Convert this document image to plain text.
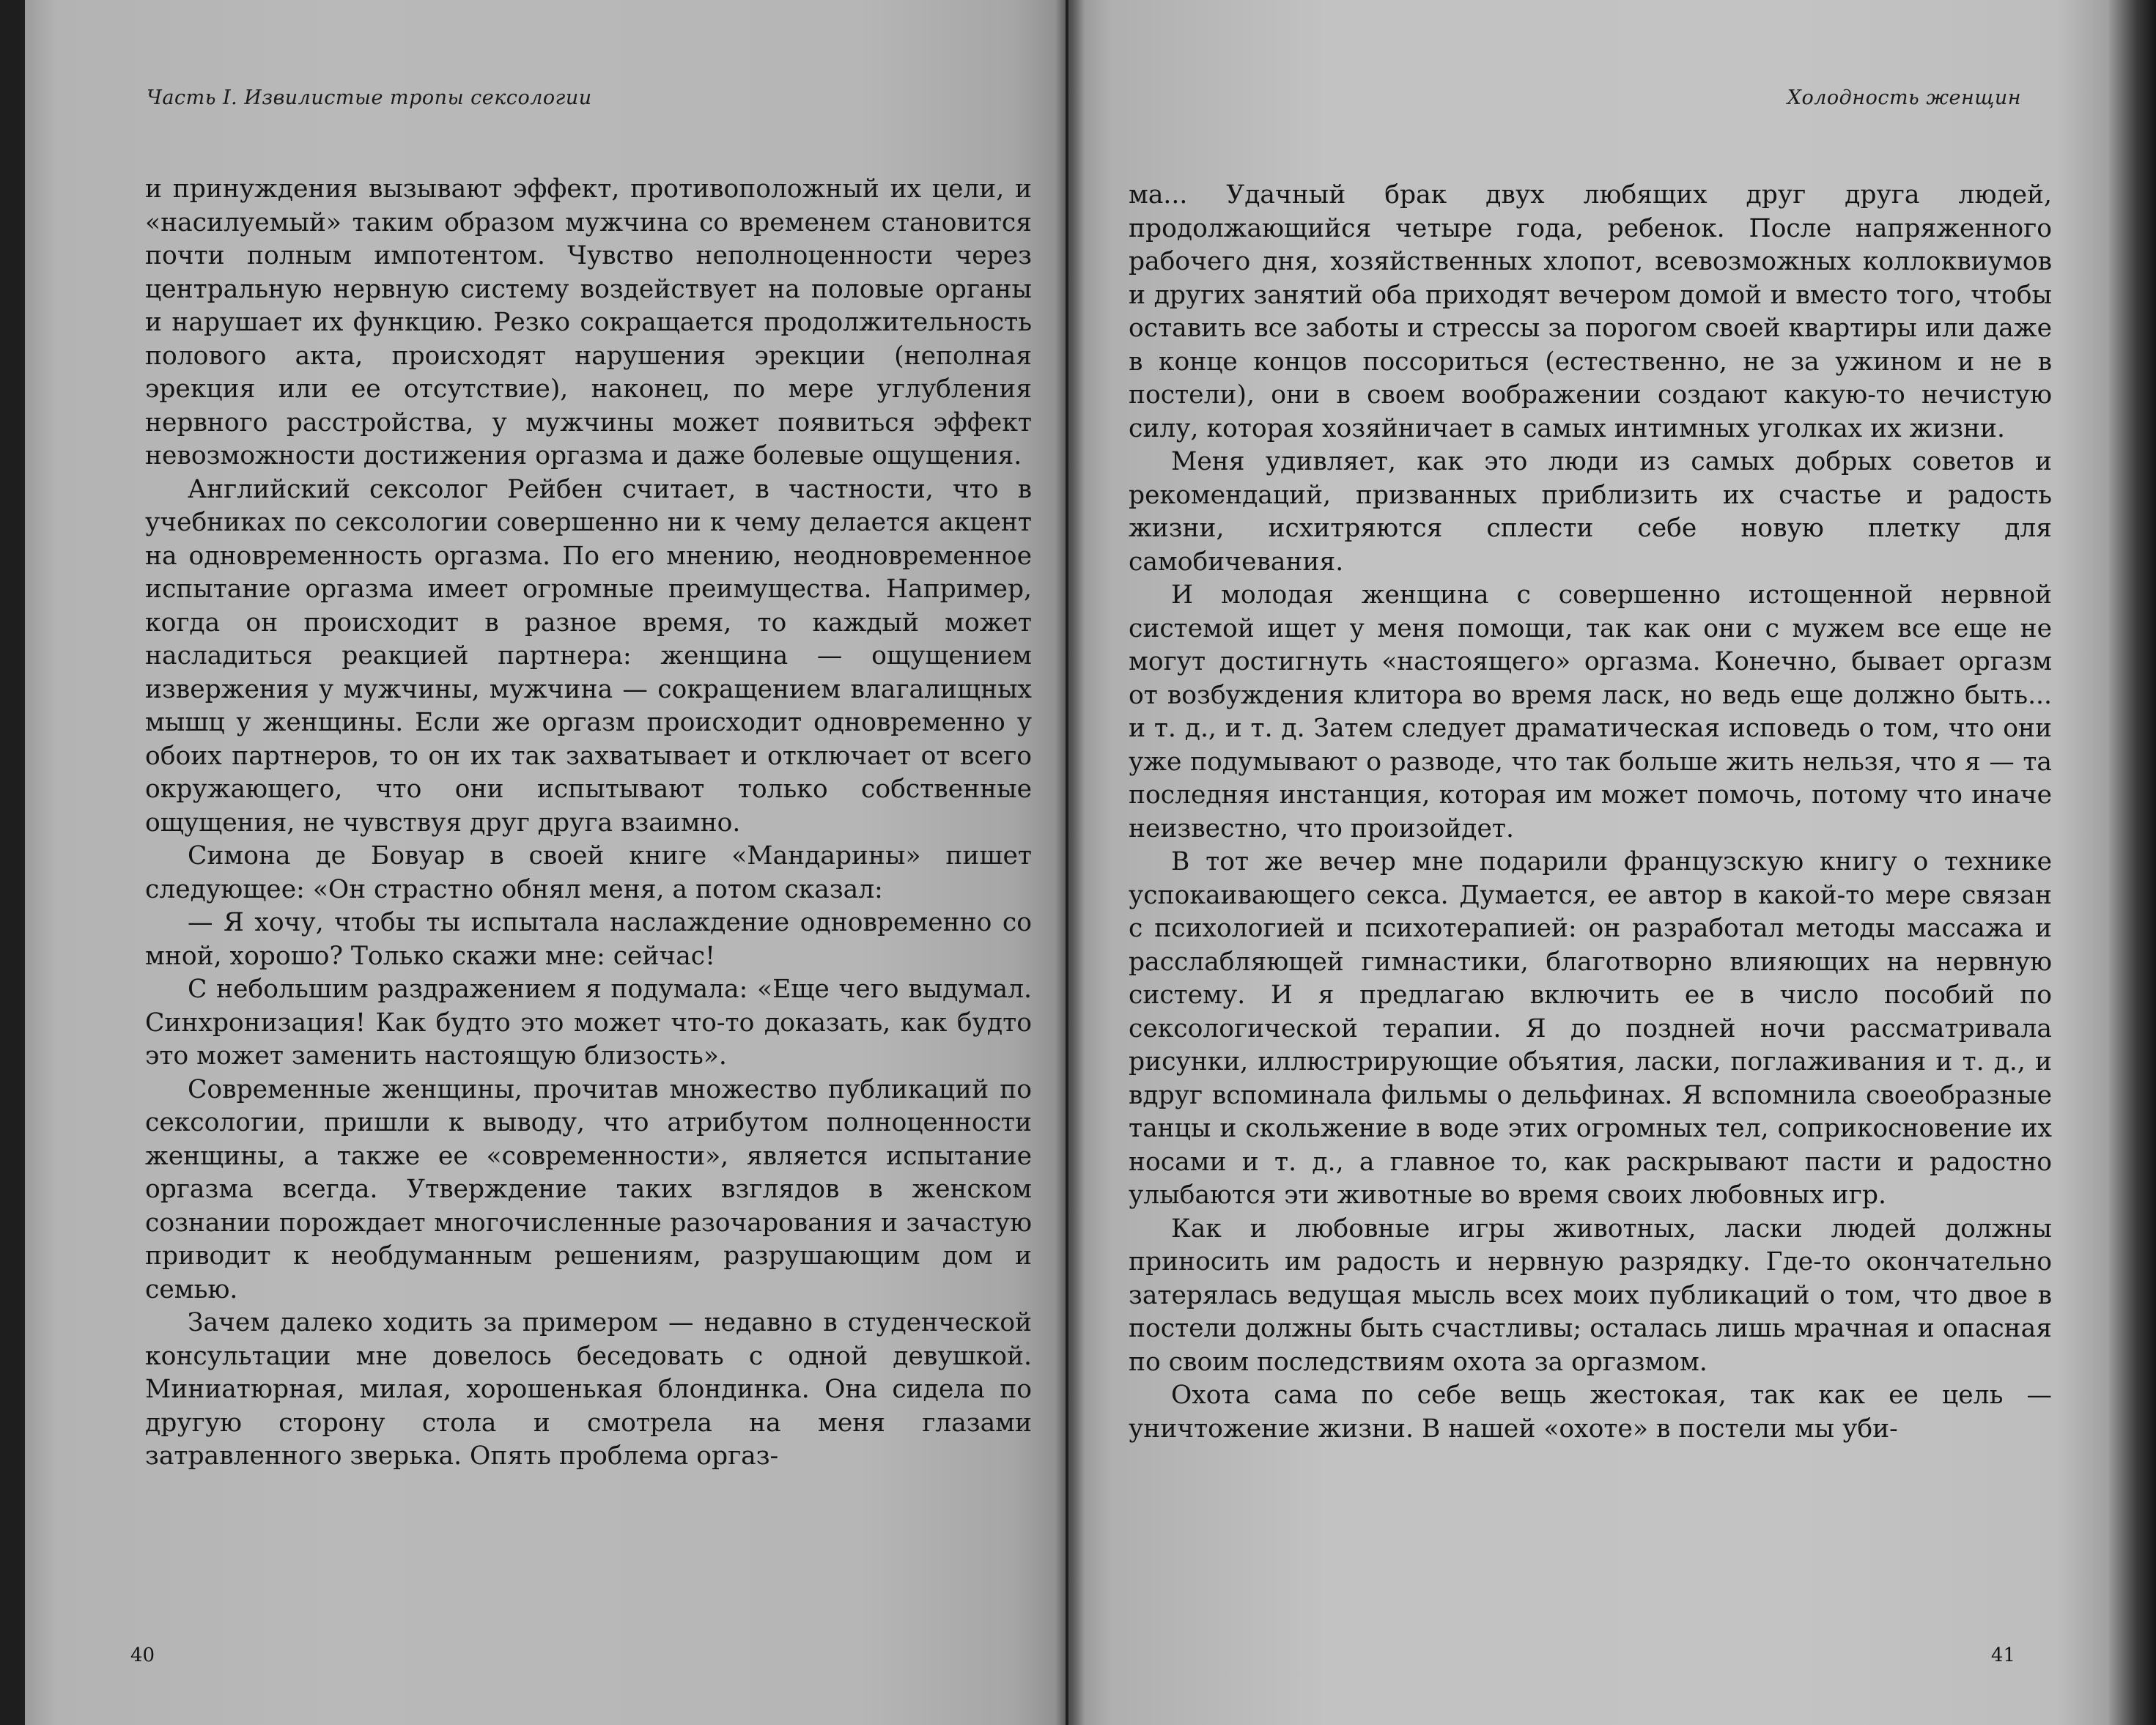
Часть I. Извилистые тропы сексологии

и принуждения вызывают эффект, противоположный их цели, и «насилуемый» таким образом мужчина со временем становится почти полным импотентом. Чувство неполноценности через центральную нервную систему воздействует на половые органы и нарушает их функцию. Резко сокращается продолжительность полового акта, происходят нарушения эрекции (неполная эрекция или ее отсутствие), наконец, по мере углубления нервного расстройства, у мужчины может появиться эффект невозможности достижения оргазма и даже болевые ощущения.

Английский сексолог Рейбен считает, в частности, что в учебниках по сексологии совершенно ни к чему делается акцент на одновременность оргазма. По его мнению, неодновременное испытание оргазма имеет огромные преимущества. Например, когда он происходит в разное время, то каждый может насладиться реакцией партнера: женщина — ощущением извержения у мужчины, мужчина — сокращением влагалищных мышц у женщины. Если же оргазм происходит одновременно у обоих партнеров, то он их так захватывает и отключает от всего окружающего, что они испытывают только собственные ощущения, не чувствуя друг друга взаимно.

Симона де Бовуар в своей книге «Мандарины» пишет следующее: «Он страстно обнял меня, а потом сказал:

— Я хочу, чтобы ты испытала наслаждение одновременно со мной, хорошо? Только скажи мне: сейчас!

С небольшим раздражением я подумала: «Еще чего выдумал. Синхронизация! Как будто это может что-то доказать, как будто это может заменить настоящую близость».

Современные женщины, прочитав множество публикаций по сексологии, пришли к выводу, что атрибутом полноценности женщины, а также ее «современности», является испытание оргазма всегда. Утверждение таких взглядов в женском сознании порождает многочисленные разочарования и зачастую приводит к необдуманным решениям, разрушающим дом и семью.

Зачем далеко ходить за примером — недавно в студенческой консультации мне довелось беседовать с одной девушкой. Миниатюрная, милая, хорошенькая блондинка. Она сидела по другую сторону стола и смотрела на меня глазами затравленного зверька. Опять проблема оргаз-

40
Холодность женщин

ма... Удачный брак двух любящих друг друга людей, продолжающийся четыре года, ребенок. После напряженного рабочего дня, хозяйственных хлопот, всевозможных коллоквиумов и других занятий оба приходят вечером домой и вместо того, чтобы оставить все заботы и стрессы за порогом своей квартиры или даже в конце концов поссориться (естественно, не за ужином и не в постели), они в своем воображении создают какую-то нечистую силу, которая хозяйничает в самых интимных уголках их жизни.

Меня удивляет, как это люди из самых добрых советов и рекомендаций, призванных приблизить их счастье и радость жизни, исхитряются сплести себе новую плетку для самобичевания.

И молодая женщина с совершенно истощенной нервной системой ищет у меня помощи, так как они с мужем все еще не могут достигнуть «настоящего» оргазма. Конечно, бывает оргазм от возбуждения клитора во время ласк, но ведь еще должно быть... и т. д., и т. д. Затем следует драматическая исповедь о том, что они уже подумывают о разводе, что так больше жить нельзя, что я — та последняя инстанция, которая им может помочь, потому что иначе неизвестно, что произойдет.

В тот же вечер мне подарили французскую книгу о технике успокаивающего секса. Думается, ее автор в какой-то мере связан с психологией и психотерапией: он разработал методы массажа и расслабляющей гимнастики, благотворно влияющих на нервную систему. И я предлагаю включить ее в число пособий по сексологической терапии. Я до поздней ночи рассматривала рисунки, иллюстрирующие объятия, ласки, поглаживания и т. д., и вдруг вспоминала фильмы о дельфинах. Я вспомнила своеобразные танцы и скольжение в воде этих огромных тел, соприкосновение их носами и т. д., а главное то, как раскрывают пасти и радостно улыбаются эти животные во время своих любовных игр.

Как и любовные игры животных, ласки людей должны приносить им радость и нервную разрядку. Где-то окончательно затерялась ведущая мысль всех моих публикаций о том, что двое в постели должны быть счастливы; осталась лишь мрачная и опасная по своим последствиям охота за оргазмом.

Охота сама по себе вещь жестокая, так как ее цель — уничтожение жизни. В нашей «охоте» в постели мы уби-

41
